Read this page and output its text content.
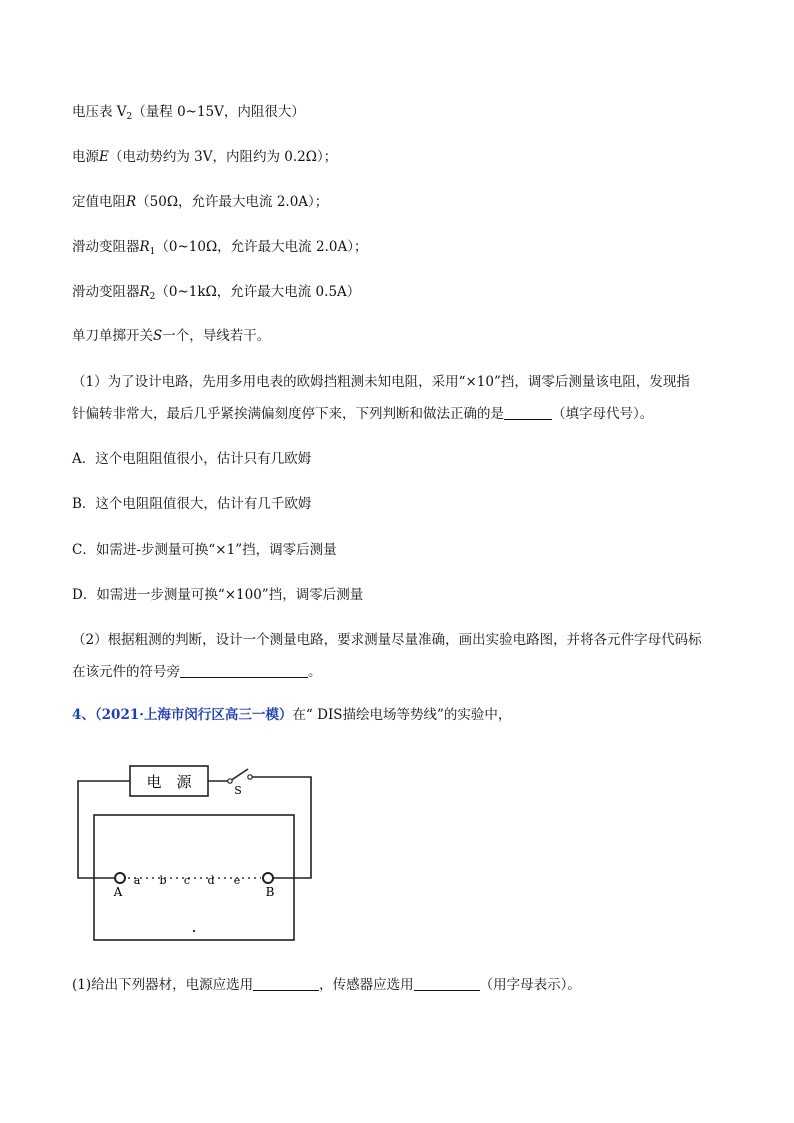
电压表 $V_2$（量程 0~15V，内阻很大）
电源E（电动势约为 3V，内阻约为 0.2Ω）；
定值电阻R（50Ω，允许最大电流 2.0A）；
滑动变阻器$R_1(0\sim 10\Omega$，允许最大电流 2.0A）；
滑动变阻器$R_2(0\sim 1k\Omega$，允许最大电流 0.5A）
单刀单掷开关S一个，导线若干。
（1）为了设计电路，先用多用电表的欧姆挡粗测未知电阻，采用“×10”挡，调零后测量该电阻，发现指
针偏转非常大，最后几乎紧挨满偏刻度停下来，下列判断和做法正确的是	（填字母代号）。
A．这个电阻阻值很小，估计只有几欧姆
B．这个电阻阻值很大，估计有几千欧姆
C．如需进-步测量可换“×1”挡，调零后测量
D．如需进一步测量可换“×100”挡，调零后测量
（2）根据粗测的判断，设计一个测量电路，要求测量尽量准确，画出实验电路图，并将各元件字母代码标
在该元件的符号旁	。
4、（2021·上海市闵行区高三一模）在“ DIS描绘电场等势线”的实验中，
电　源	S
A	B
a b c d e
(1)给出下列器材，电源应选用	，传感器应选用	（用字母表示）。
